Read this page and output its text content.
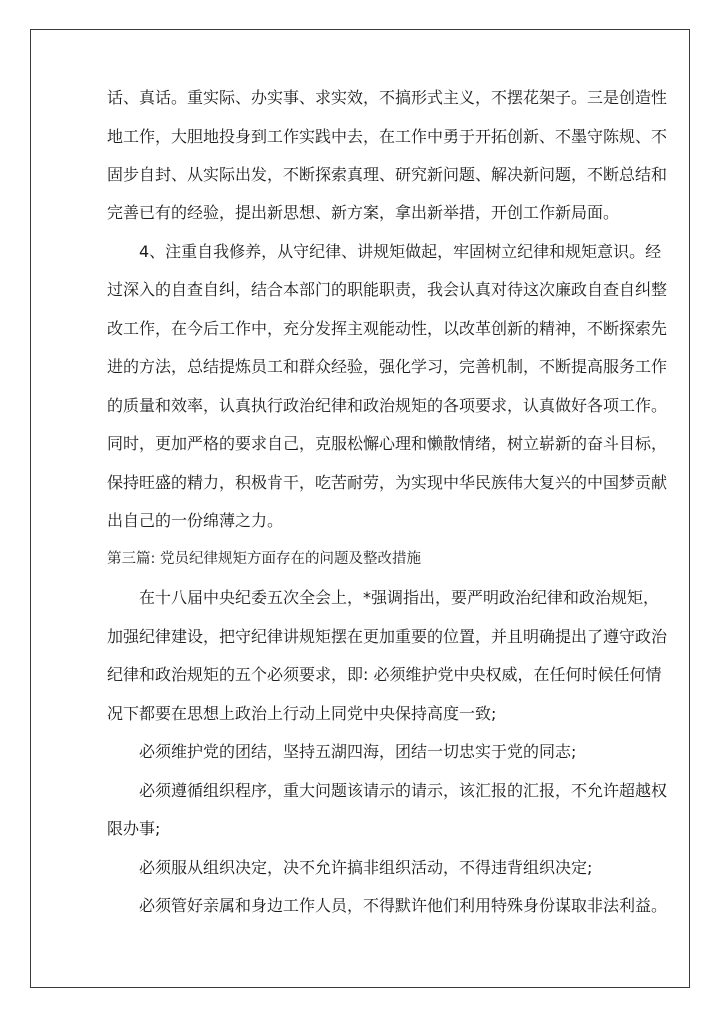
话、真话。重实际、办实事、求实效，不搞形式主义，不摆花架子。三是创造性
地工作，大胆地投身到工作实践中去，在工作中勇于开拓创新、不墨守陈规、不
固步自封、从实际出发，不断探索真理、研究新问题、解决新问题，不断总结和
完善已有的经验，提出新思想、新方案，拿出新举措，开创工作新局面。
4、注重自我修养，从守纪律、讲规矩做起，牢固树立纪律和规矩意识。经
过深入的自查自纠，结合本部门的职能职责，我会认真对待这次廉政自查自纠整
改工作，在今后工作中，充分发挥主观能动性，以改革创新的精神，不断探索先
进的方法，总结提炼员工和群众经验，强化学习，完善机制，不断提高服务工作
的质量和效率，认真执行政治纪律和政治规矩的各项要求，认真做好各项工作。
同时，更加严格的要求自己，克服松懈心理和懒散情绪，树立崭新的奋斗目标，
保持旺盛的精力，积极肯干，吃苦耐劳，为实现中华民族伟大复兴的中国梦贡献
出自己的一份绵薄之力。
第三篇: 党员纪律规矩方面存在的问题及整改措施
在十八届中央纪委五次全会上，*强调指出，要严明政治纪律和政治规矩，
加强纪律建设，把守纪律讲规矩摆在更加重要的位置，并且明确提出了遵守政治
纪律和政治规矩的五个必须要求，即: 必须维护党中央权威，在任何时候任何情
况下都要在思想上政治上行动上同党中央保持高度一致;
必须维护党的团结，坚持五湖四海，团结一切忠实于党的同志;
必须遵循组织程序，重大问题该请示的请示，该汇报的汇报，不允许超越权
限办事;
必须服从组织决定，决不允许搞非组织活动，不得违背组织决定;
必须管好亲属和身边工作人员，不得默许他们利用特殊身份谋取非法利益。
